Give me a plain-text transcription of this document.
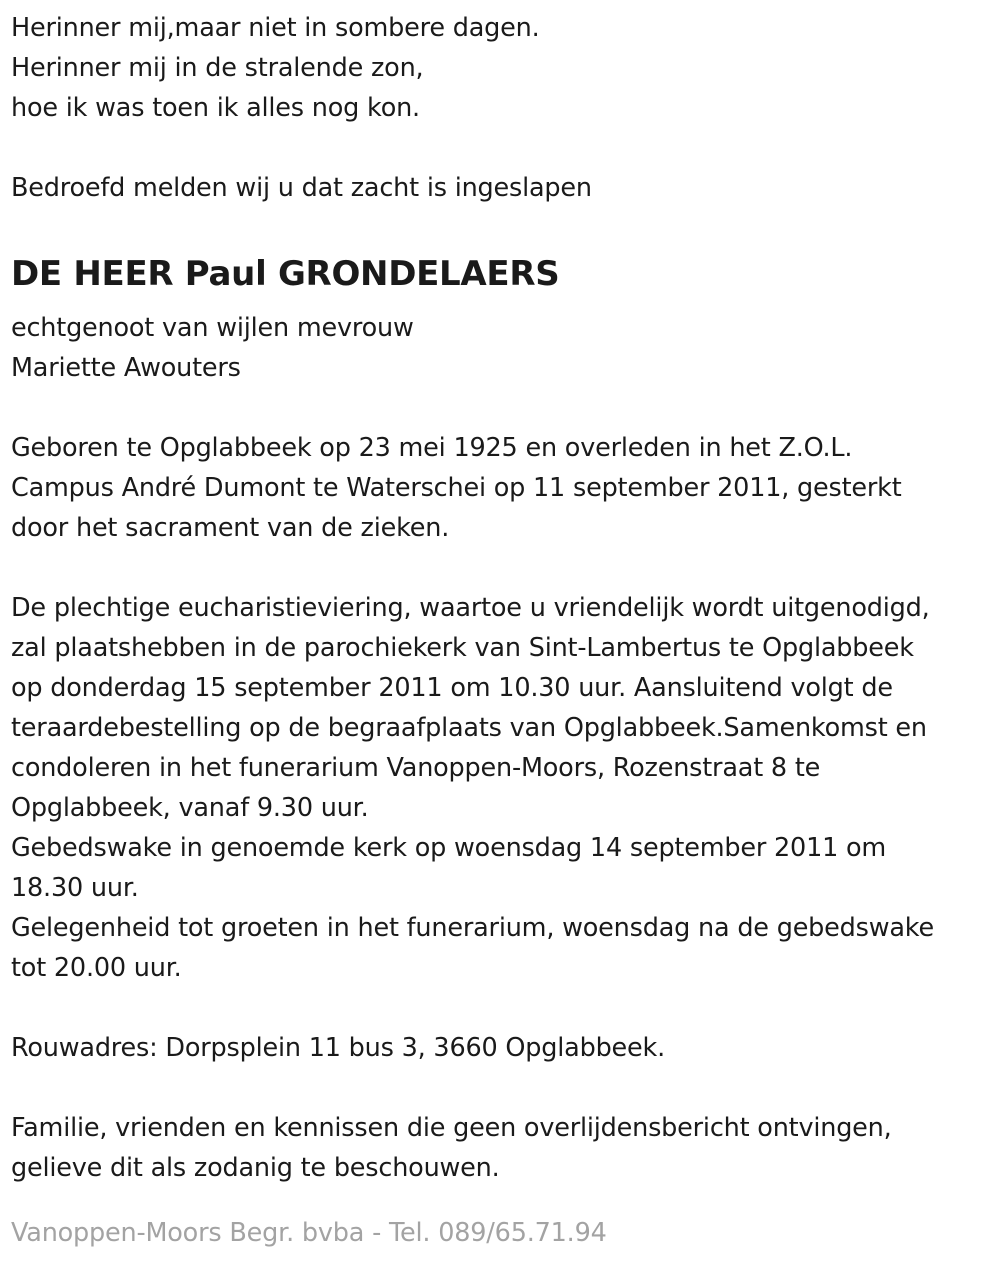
Herinner mij,maar niet in sombere dagen.
Herinner mij in de stralende zon,
hoe ik was toen ik alles nog kon.
Bedroefd melden wij u dat zacht is ingeslapen
DE HEER Paul GRONDELAERS
echtgenoot van wijlen mevrouw
Mariette Awouters
Geboren te Opglabbeek op 23 mei 1925 en overleden in het Z.O.L.
Campus André Dumont te Waterschei op 11 september 2011, gesterkt
door het sacrament van de zieken.
De plechtige eucharistieviering, waartoe u vriendelijk wordt uitgenodigd,
zal plaatshebben in de parochiekerk van Sint-Lambertus te Opglabbeek
op donderdag 15 september 2011 om 10.30 uur. Aansluitend volgt de
teraardebestelling op de begraafplaats van Opglabbeek.Samenkomst en
condoleren in het funerarium Vanoppen-Moors, Rozenstraat 8 te
Opglabbeek, vanaf 9.30 uur.
Gebedswake in genoemde kerk op woensdag 14 september 2011 om
18.30 uur.
Gelegenheid tot groeten in het funerarium, woensdag na de gebedswake
tot 20.00 uur.
Rouwadres: Dorpsplein 11 bus 3, 3660 Opglabbeek.
Familie, vrienden en kennissen die geen overlijdensbericht ontvingen,
gelieve dit als zodanig te beschouwen.
Vanoppen-Moors Begr. bvba - Tel. 089/65.71.94
